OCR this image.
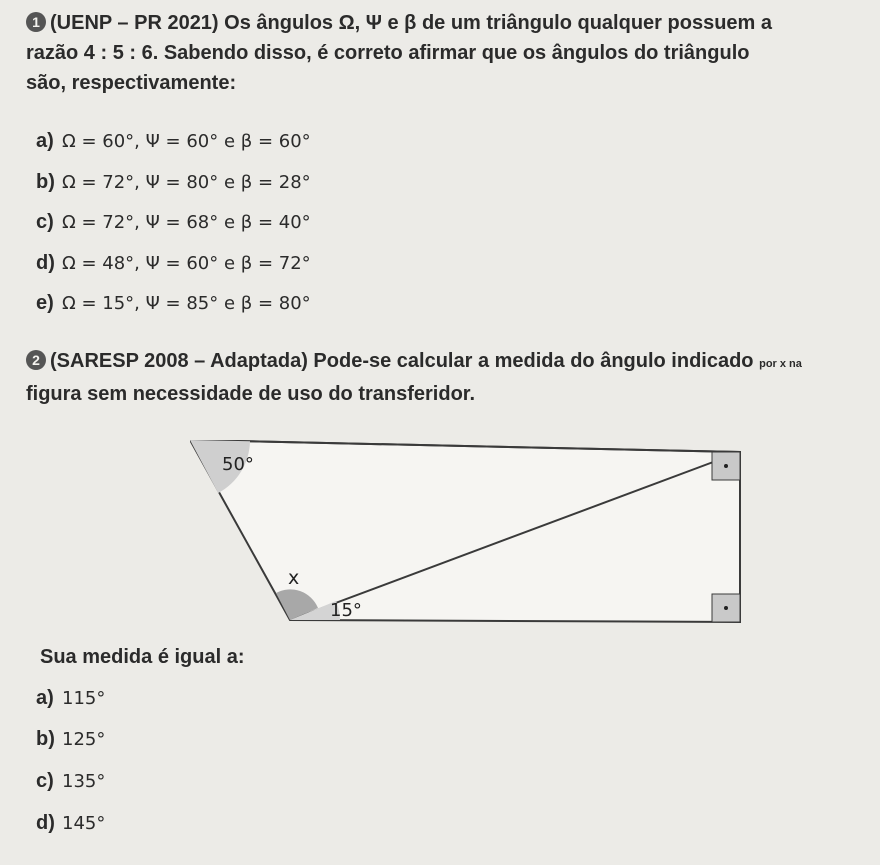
1 (UENP – PR 2021) Os ângulos Ω, Ψ e β de um triângulo qualquer possuem a
razão 4 : 5 : 6. Sabendo disso, é correto afirmar que os ângulos do triângulo
são, respectivamente:
a) Ω = 60°, Ψ = 60° e β = 60°
b) Ω = 72°, Ψ = 80° e β = 28°
c) Ω = 72°, Ψ = 68° e β = 40°
d) Ω = 48°, Ψ = 60° e β = 72°
e) Ω = 15°, Ψ = 85° e β = 80°
2 (SARESP 2008 – Adaptada) Pode-se calcular a medida do ângulo indicado por x na
figura sem necessidade de uso do transferidor.
50°
x
15°
Sua medida é igual a:
a) 115°
b) 125°
c) 135°
d) 145°
